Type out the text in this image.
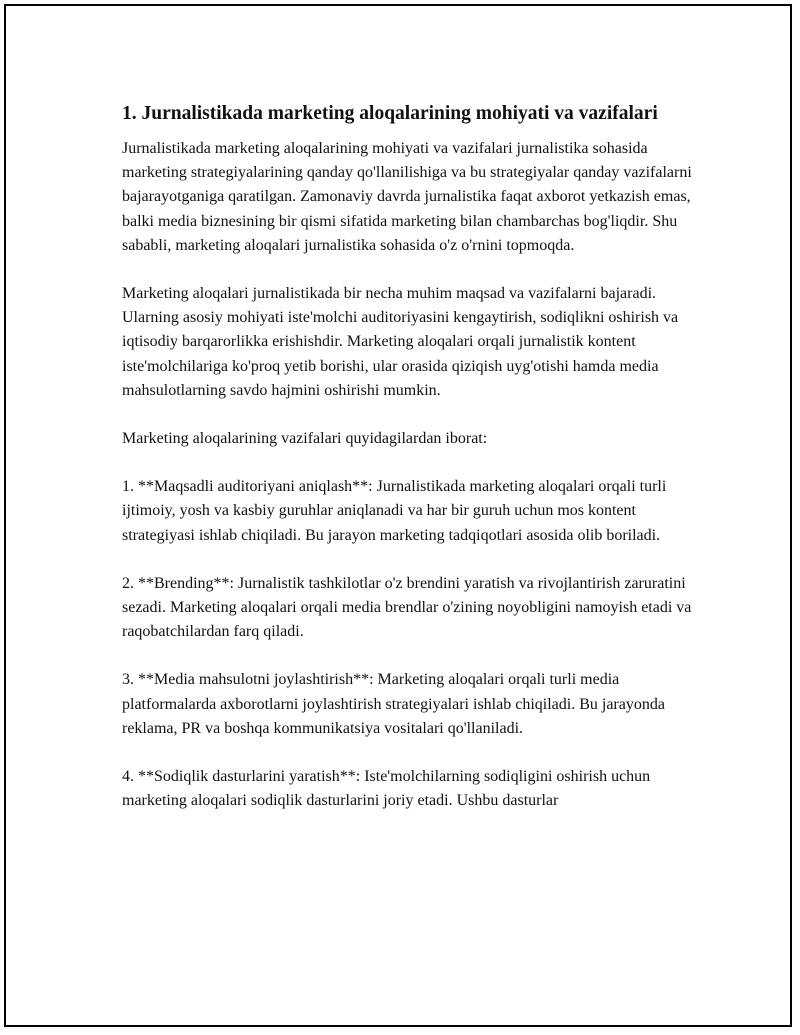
1. Jurnalistikada marketing aloqalarining mohiyati va vazifalari

Jurnalistikada marketing aloqalarining mohiyati va vazifalari jurnalistika sohasida marketing strategiyalarining qanday qo'llanilishiga va bu strategiyalar qanday vazifalarni bajarayotganiga qaratilgan. Zamonaviy davrda jurnalistika faqat axborot yetkazish emas, balki media biznesining bir qismi sifatida marketing bilan chambarchas bog'liqdir. Shu sababli, marketing aloqalari jurnalistika sohasida o'z o'rnini topmoqda.

Marketing aloqalari jurnalistikada bir necha muhim maqsad va vazifalarni bajaradi. Ularning asosiy mohiyati iste'molchi auditoriyasini kengaytirish, sodiqlikni oshirish va iqtisodiy barqarorlikka erishishdir. Marketing aloqalari orqali jurnalistik kontent iste'molchilariga ko'proq yetib borishi, ular orasida qiziqish uyg'otishi hamda media mahsulotlarning savdo hajmini oshirishi mumkin.

Marketing aloqalarining vazifalari quyidagilardan iborat:

1. **Maqsadli auditoriyani aniqlash**: Jurnalistikada marketing aloqalari orqali turli ijtimoiy, yosh va kasbiy guruhlar aniqlanadi va har bir guruh uchun mos kontent strategiyasi ishlab chiqiladi. Bu jarayon marketing tadqiqotlari asosida olib boriladi.

2. **Brending**: Jurnalistik tashkilotlar o'z brendini yaratish va rivojlantirish zaruratini sezadi. Marketing aloqalari orqali media brendlar o'zining noyobligini namoyish etadi va raqobatchilardan farq qiladi.

3. **Media mahsulotni joylashtirish**: Marketing aloqalari orqali turli media platformalarda axborotlarni joylashtirish strategiyalari ishlab chiqiladi. Bu jarayonda reklama, PR va boshqa kommunikatsiya vositalari qo'llaniladi.

4. **Sodiqlik dasturlarini yaratish**: Iste'molchilarning sodiqligini oshirish uchun marketing aloqalari sodiqlik dasturlarini joriy etadi. Ushbu dasturlar
